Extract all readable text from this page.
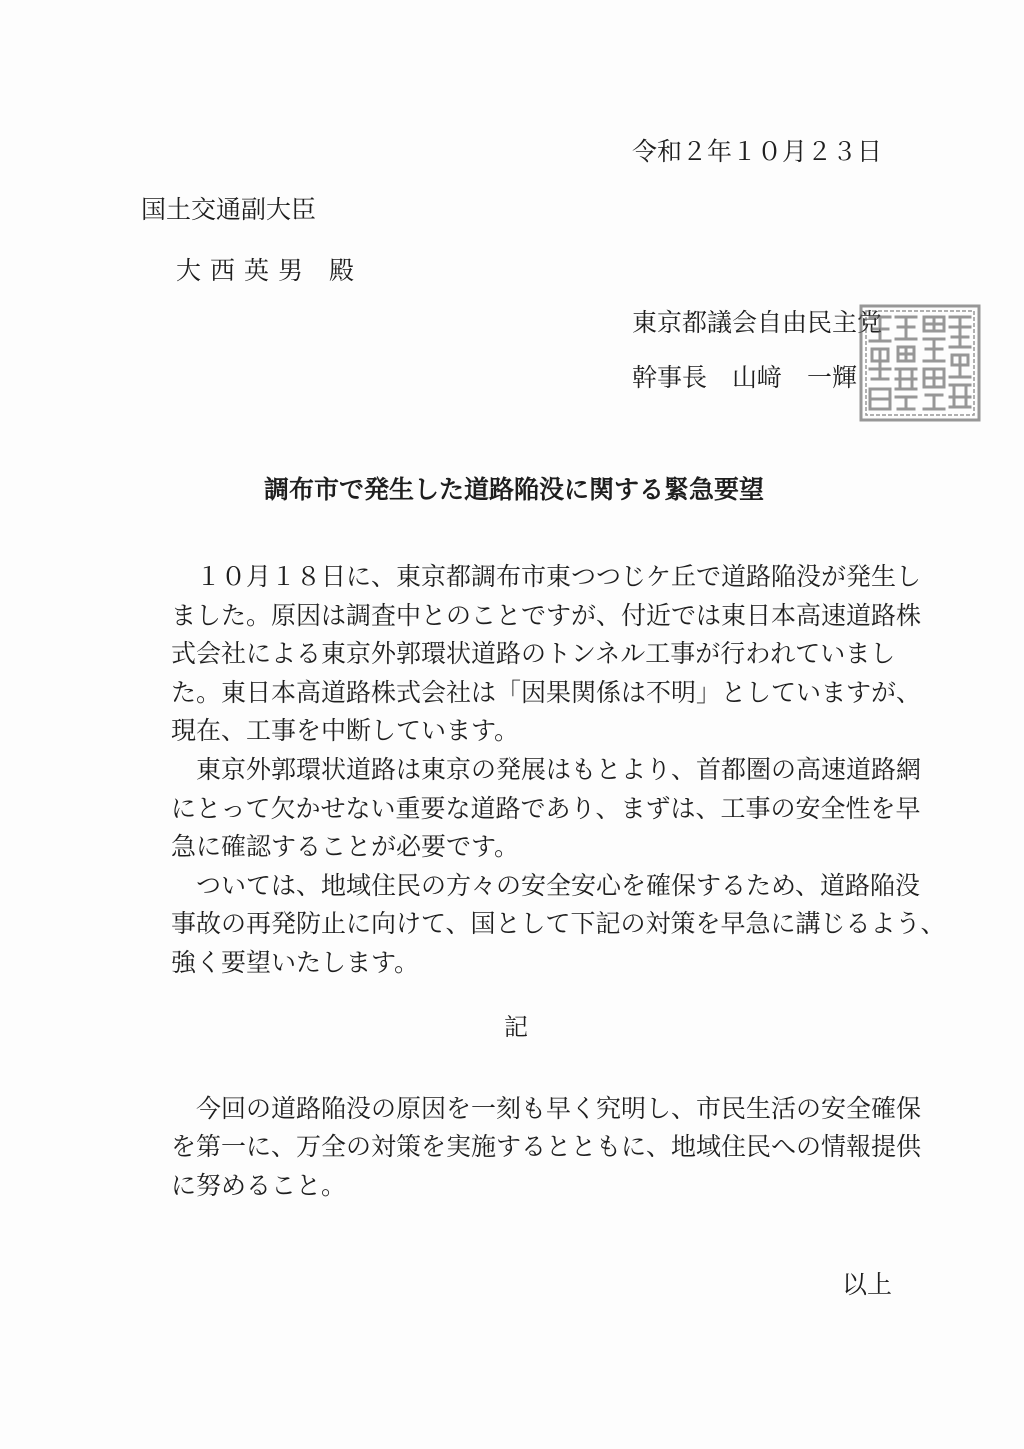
令和２年１０月２３日
国土交通副大臣
大西英男 殿
東京都議会自由民主党
幹事長　山﨑　一輝
調布市で発生した道路陥没に関する緊急要望
１０月１８日に、東京都調布市東つつじケ丘で道路陥没が発生し
ました。原因は調査中とのことですが、付近では東日本高速道路株
式会社による東京外郭環状道路のトンネル工事が行われていまし
た。東日本高道路株式会社は「因果関係は不明」としていますが、
現在、工事を中断しています。
東京外郭環状道路は東京の発展はもとより、首都圏の高速道路網
にとって欠かせない重要な道路であり、まずは、工事の安全性を早
急に確認することが必要です。
ついては、地域住民の方々の安全安心を確保するため、道路陥没
事故の再発防止に向けて、国として下記の対策を早急に講じるよう、
強く要望いたします。
記
今回の道路陥没の原因を一刻も早く究明し、市民生活の安全確保
を第一に、万全の対策を実施するとともに、地域住民への情報提供
に努めること。
以上
